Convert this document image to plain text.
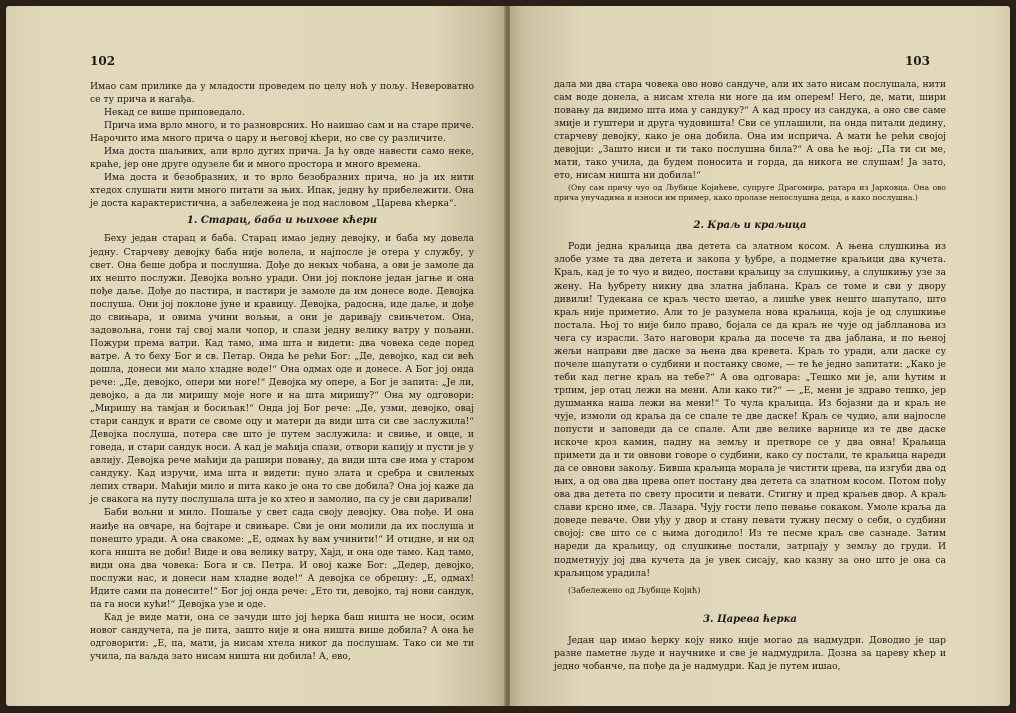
102

Имао сам прилике да у младости проведем по целу ноћ у пољу. Невероватно се ту прича и нагађа.

Некад се више приповедало.

Прича има врло много, и то разноврсних. Но наишао сам и на старе приче. Нарочито има много прича о цару и његовој кћери, но све су различите.

Има доста шаљивих, али врло дугих прича. Ја ћу овде навести само неке, краће, јер оне друге одузеле би и много простора и много времена.

Има доста и безобразних, и то врло безобразних прича, но ја их нити хтедох слушати нити много питати за њих. Ипак, једну ћу прибележити. Она је доста карактеристична, а забележена је под насловом „Царева кћерка“.

1. Старац, баба и њихове кћери

Беху један старац и баба. Старац имао једну девојку, и баба му довела једну. Старчеву девојку баба није волела, и најпосле је отера у службу, у свет. Она беше добра и послушна. Дође до некых чобана, а ови је замоле да их нешто послужи. Девојка вољно уради. Они јој поклоне један јагње и она пође даље. Дође до пастира, и пастири је замоле да им донесе воде. Девојка послуша. Они јој поклоне јуне и кравицу. Девојка, радосна, иде даље, и дође до свињара, и овима учини вољњи, а они је даривају свињчетом. Она, задовољна, гони тај свој мали чопор, и спази једну велику ватру у пољани. Пожури према ватри. Кад тамо, има шта и видети: два човека седе поред ватре. А то беху Бог и св. Петар. Онда ће рећи Бог: „Де, девојко, кад си већ дошла, донеси ми мало хладне воде!“ Она одмах оде и донесе. А Бог јој онда рече: „Де, девојко, опери ми ноге!“ Девојка му опере, а Бог је запита: „Је ли, девојко, а да ли миришу моје ноге и на шта миришу?“ Она му одговори: „Миришу на тамјан и босиљак!“ Онда јој Бог рече: „Де, узми, девојко, овај стари сандук и врати се своме оцу и матери да види шта си све заслужила!“ Девојка послуша, потера све што је путем заслужила: и свиње, и овце, и говеда, и стари сандук носи. А кад је маћија спази, отвори капију и пусти је у авлију. Девојка рече маћији да рашири повању, да види шта све има у старом сандуку. Кад изручи, има шта и видети: пуно злата и сребра и свиленых лепих ствари. Маћији мило и пита како је она то све добила? Она јој каже да је свакога на путу послушала шта је ко хтео и замолио, па су је сви даривали!

Баби вољни и мило. Пошаље у свет сада своју девојку. Ова пође. И она наиђе на овчаре, на бојтаре и свињаре. Сви је они молили да их послуша и понешто уради. А она свакоме: „Е, одмах ћу вам учинити!“ И отидне, и ни од кога ништа не доби! Виде и ова велику ватру, Хајд, и она оде тамо. Кад тамо, види она два човека: Бога и св. Петра. И овој каже Бог: „Дедер, девојко, послужи нас, и донеси нам хладне воде!“ А девојка се обрецну: „Е, одмах! Идите сами па донесите!“ Бог јој онда рече: „Ето ти, девојко, тај нови сандук, па га носи кући!“ Девојка узе и оде.

Кад је виде мати, она се зачуди што јој ћерка баш ништа не носи, осим новог сандучета, па је пита, зашто није и она ништа више добила? А она ће одговорити: „Е, па, мати, ја нисам хтела никог да послушам. Тако си ме ти учила, па ваљда зато нисам ништа ни добила! А, ево,

103

дала ми два стара човека ово ново сандуче, али их зато нисам послушала, нити сам воде донела, а нисам хтела ни ноге да им оперем! Него, де, мати, шири повању да видимо шта има у сандуку?“ А кад просу из сандука, а оно све саме змије и гуштери и друга чудовишта! Сви се уплашили, па онда питали дедину, старчеву девојку, како је она добила. Она им исприча. А мати ће рећи својој девојци: „Зашто ниси и ти тако послушна била?“ А ова ће њој: „Па ти си ме, мати, тако учила, да будем поносита и горда, да никога не слушам! Ја зато, ето, нисам ништа ни добила!“

(Ову сам причу чуо од Љубице Којићеве, супруге Драгомира, ратара из Јарковца. Она ово прича унучадима и износи им пример, како пролазе непослушна деца, а како послушна.)

2. Краљ и краљица

Роди једна краљица два детета са златном косом. А њена слушкиња из злобе узме та два детета и закопа у ђубре, а подметне краљици два кучета. Краљ, кад је то чуо и видео, постави краљицу за слушкињу, а слушкињу узе за жену. На ђубрету никну два златна јаблана. Краљ се томе и сви у двору дивили! Тудекана се краљ често шетао, а лишће увек нешто шапутало, што краљ није приметио. Али то је разумела нова краљица, која је од слушкиње постала. Њој то није било право, бојала се да краљ не чује од јаблланова из чега су израсли. Зато наговори краља да посече та два јаблана, и по њеној жељи направи две даске за њена два кревета. Краљ то уради, али даске су почеле шапутати о судбини и постанку своме, — те ће једно запитати: „Како је теби кад легне краљ на тебе?“ А ова одговара: „Тешко ми је, али ћутим и трпим, јер отац лежи на мени. Али како ти?“ — „Е, мени је здраво тешко, јер душманка наша лежи на мени!“ То чула краљица. Из бојазни да и краљ не чује, измоли од краља да се спале те две даске! Краљ се чудио, али најпосле попусти и заповеди да се спале. Али две велике варнице из те две даске искоче кроз камин, падну на земљу и претворе се у два овна! Краљица примети да и ти овнови говоре о судбини, како су постали, те краљица нареди да се овнови закољу. Бивша краљица морала је чистити црева, па изгуби два од њих, а од ова два црева опет постану два детета са златном косом. Потом пођу ова два детета по свету просити и певати. Стигну и пред краљев двор. А краљ слави крсно име, св. Лазара. Чују гости лепо певање сокаком. Умоле краља да доведе певаче. Ови уђу у двор и стану певати тужну песму о себи, о судбини својој: све што се с њима догодило! Из те песме краљ све сазнаде. Затим нареди да краљицу, од слушкиње постали, затрпају у земљу до груди. И подметнују јој два кучета да је увек сисају, као казну за оно што је она са краљицом урадила!

(Забележено од Љубице Којић)

3. Царева ћерка

Један цар имао ћерку коју нико није могао да надмудри. Доводио је цар разне паметне људе и научнике и све је надмудрила. Дозна за цареву кћер и једно чобанче, па пође да је надмудри. Кад је путем ишао,
